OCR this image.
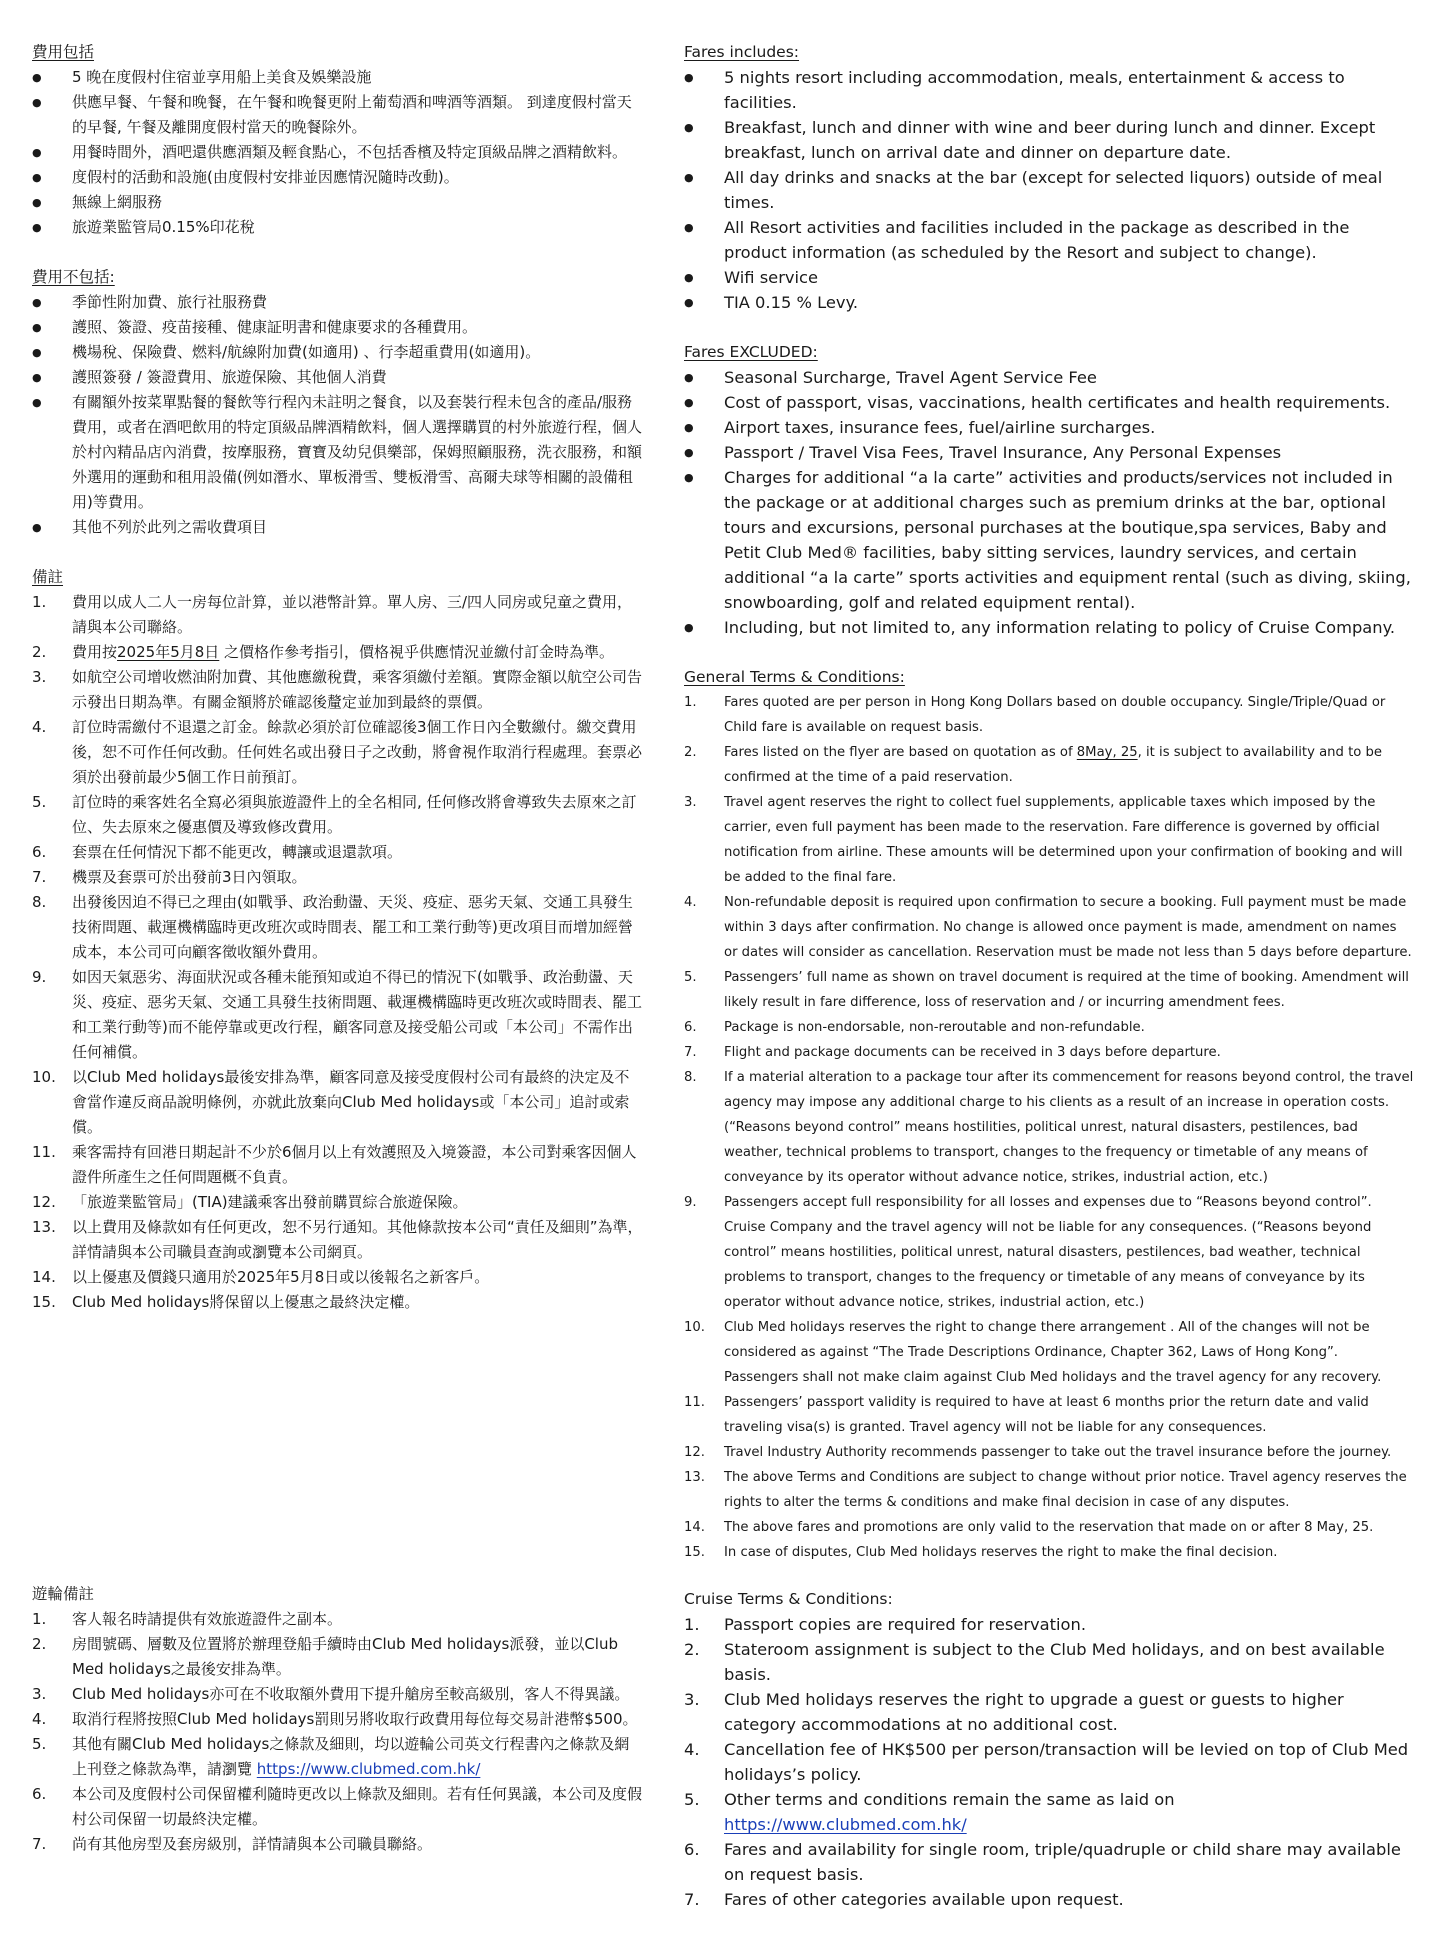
費用包括
● 5 晚在度假村住宿並享用船上美食及娛樂設施
● 供應早餐、午餐和晚餐，在午餐和晚餐更附上葡萄酒和啤酒等酒類。 到達度假村當天的早餐, 午餐及離開度假村當天的晚餐除外。
● 用餐時間外，酒吧還供應酒類及輕食點心，不包括香檳及特定頂級品牌之酒精飲料。
● 度假村的活動和設施(由度假村安排並因應情況隨時改動)。
● 無線上網服務
● 旅遊業監管局0.15%印花稅
費用不包括:
● 季節性附加費、旅行社服務費
● 護照、簽證、疫苗接種、健康証明書和健康要求的各種費用。
● 機場稅、保險費、燃料/航線附加費(如適用) 、行李超重費用(如適用)。
● 護照簽發 / 簽證費用、旅遊保險、其他個人消費
● 有關額外按菜單點餐的餐飲等行程內未註明之餐食，以及套裝行程未包含的產品/服務費用，或者在酒吧飲用的特定頂級品牌酒精飲料，個人選擇購買的村外旅遊行程，個人於村內精品店內消費，按摩服務，寶寶及幼兒俱樂部，保姆照顧服務，洗衣服務，和額外選用的運動和租用設備(例如潛水、單板滑雪、雙板滑雪、高爾夫球等相關的設備租用)等費用。
● 其他不列於此列之需收費項目
備註
1. 費用以成人二人一房每位計算，並以港幣計算。單人房、三/四人同房或兒童之費用，請與本公司聯絡。
2. 費用按2025年5月8日 之價格作參考指引，價格視乎供應情況並繳付訂金時為準。
3. 如航空公司增收燃油附加費、其他應繳稅費，乘客須繳付差額。實際金額以航空公司告示發出日期為準。有關金額將於確認後釐定並加到最終的票價。
4. 訂位時需繳付不退還之訂金。餘款必須於訂位確認後3個工作日內全數繳付。繳交費用後，恕不可作任何改動。任何姓名或出發日子之改動，將會視作取消行程處理。套票必須於出發前最少5個工作日前預訂。
5. 訂位時的乘客姓名全寫必須與旅遊證件上的全名相同, 任何修改將會導致失去原來之訂位、失去原來之優惠價及導致修改費用。
6. 套票在任何情況下都不能更改，轉讓或退還款項。
7. 機票及套票可於出發前3日內領取。
8. 出發後因迫不得已之理由(如戰爭、政治動盪、天災、疫症、惡劣天氣、交通工具發生技術問題、載運機構臨時更改班次或時間表、罷工和工業行動等)更改項目而增加經營成本，本公司可向顧客徵收額外費用。
9. 如因天氣惡劣、海面狀況或各種未能預知或迫不得已的情況下(如戰爭、政治動盪、天災、疫症、惡劣天氣、交通工具發生技術問題、載運機構臨時更改班次或時間表、罷工和工業行動等)而不能停靠或更改行程，顧客同意及接受船公司或「本公司」不需作出任何補償。
10. 以Club Med holidays最後安排為準，顧客同意及接受度假村公司有最終的決定及不會當作違反商品說明條例，亦就此放棄向Club Med holidays或「本公司」追討或索償。
11. 乘客需持有回港日期起計不少於6個月以上有效護照及入境簽證，本公司對乘客因個人證件所產生之任何問題概不負責。
12. 「旅遊業監管局」(TIA)建議乘客出發前購買綜合旅遊保險。
13. 以上費用及條款如有任何更改，恕不另行通知。其他條款按本公司“責任及細則”為準，詳情請與本公司職員查詢或瀏覽本公司網頁。
14. 以上優惠及價錢只適用於2025年5月8日或以後報名之新客戶。
15. Club Med holidays將保留以上優惠之最終決定權。
遊輪備註
1. 客人報名時請提供有效旅遊證件之副本。
2. 房間號碼、層數及位置將於辦理登船手續時由Club Med holidays派發，並以Club Med holidays之最後安排為準。
3. Club Med holidays亦可在不收取額外費用下提升艙房至較高級別，客人不得異議。
4. 取消行程將按照Club Med holidays罰則另將收取行政費用每位每交易計港幣$500。
5. 其他有關Club Med holidays之條款及細則，均以遊輪公司英文行程書內之條款及網上刊登之條款為準，請瀏覽 https://www.clubmed.com.hk/
6. 本公司及度假村公司保留權利隨時更改以上條款及細則。若有任何異議，本公司及度假村公司保留一切最終決定權。
7. 尚有其他房型及套房級別，詳情請與本公司職員聯絡。
Fares includes:
● 5 nights resort including accommodation, meals, entertainment & access to facilities.
● Breakfast, lunch and dinner with wine and beer during lunch and dinner. Except breakfast, lunch on arrival date and dinner on departure date.
● All day drinks and snacks at the bar (except for selected liquors) outside of meal times.
● All Resort activities and facilities included in the package as described in the product information (as scheduled by the Resort and subject to change).
● Wifi service
● TIA 0.15 % Levy.
Fares EXCLUDED:
● Seasonal Surcharge, Travel Agent Service Fee
● Cost of passport, visas, vaccinations, health certificates and health requirements.
● Airport taxes, insurance fees, fuel/airline surcharges.
● Passport / Travel Visa Fees, Travel Insurance, Any Personal Expenses
● Charges for additional “a la carte” activities and products/services not included in the package or at additional charges such as premium drinks at the bar, optional tours and excursions, personal purchases at the boutique,spa services, Baby and Petit Club Med® facilities, baby sitting services, laundry services, and certain additional “a la carte” sports activities and equipment rental (such as diving, skiing, snowboarding, golf and related equipment rental).
● Including, but not limited to, any information relating to policy of Cruise Company.
General Terms & Conditions:
1. Fares quoted are per person in Hong Kong Dollars based on double occupancy. Single/Triple/Quad or Child fare is available on request basis.
2. Fares listed on the flyer are based on quotation as of 8May, 25, it is subject to availability and to be confirmed at the time of a paid reservation.
3. Travel agent reserves the right to collect fuel supplements, applicable taxes which imposed by the carrier, even full payment has been made to the reservation. Fare difference is governed by official notification from airline. These amounts will be determined upon your confirmation of booking and will be added to the final fare.
4. Non-refundable deposit is required upon confirmation to secure a booking. Full payment must be made within 3 days after confirmation. No change is allowed once payment is made, amendment on names or dates will consider as cancellation. Reservation must be made not less than 5 days before departure.
5. Passengers’ full name as shown on travel document is required at the time of booking. Amendment will likely result in fare difference, loss of reservation and / or incurring amendment fees.
6. Package is non-endorsable, non-reroutable and non-refundable.
7. Flight and package documents can be received in 3 days before departure.
8. If a material alteration to a package tour after its commencement for reasons beyond control, the travel agency may impose any additional charge to his clients as a result of an increase in operation costs. (“Reasons beyond control” means hostilities, political unrest, natural disasters, pestilences, bad weather, technical problems to transport, changes to the frequency or timetable of any means of conveyance by its operator without advance notice, strikes, industrial action, etc.)
9. Passengers accept full responsibility for all losses and expenses due to “Reasons beyond control”. Cruise Company and the travel agency will not be liable for any consequences. (“Reasons beyond control” means hostilities, political unrest, natural disasters, pestilences, bad weather, technical problems to transport, changes to the frequency or timetable of any means of conveyance by its operator without advance notice, strikes, industrial action, etc.)
10. Club Med holidays reserves the right to change there arrangement . All of the changes will not be considered as against “The Trade Descriptions Ordinance, Chapter 362, Laws of Hong Kong”. Passengers shall not make claim against Club Med holidays and the travel agency for any recovery.
11. Passengers’ passport validity is required to have at least 6 months prior the return date and valid traveling visa(s) is granted. Travel agency will not be liable for any consequences.
12. Travel Industry Authority recommends passenger to take out the travel insurance before the journey.
13. The above Terms and Conditions are subject to change without prior notice. Travel agency reserves the rights to alter the terms & conditions and make final decision in case of any disputes.
14. The above fares and promotions are only valid to the reservation that made on or after 8 May, 25.
15. In case of disputes, Club Med holidays reserves the right to make the final decision.
Cruise Terms & Conditions:
1. Passport copies are required for reservation.
2. Stateroom assignment is subject to the Club Med holidays, and on best available basis.
3. Club Med holidays reserves the right to upgrade a guest or guests to higher category accommodations at no additional cost.
4. Cancellation fee of HK$500 per person/transaction will be levied on top of Club Med holidays’s policy.
5. Other terms and conditions remain the same as laid on https://www.clubmed.com.hk/
6. Fares and availability for single room, triple/quadruple or child share may available on request basis.
7. Fares of other categories available upon request.
